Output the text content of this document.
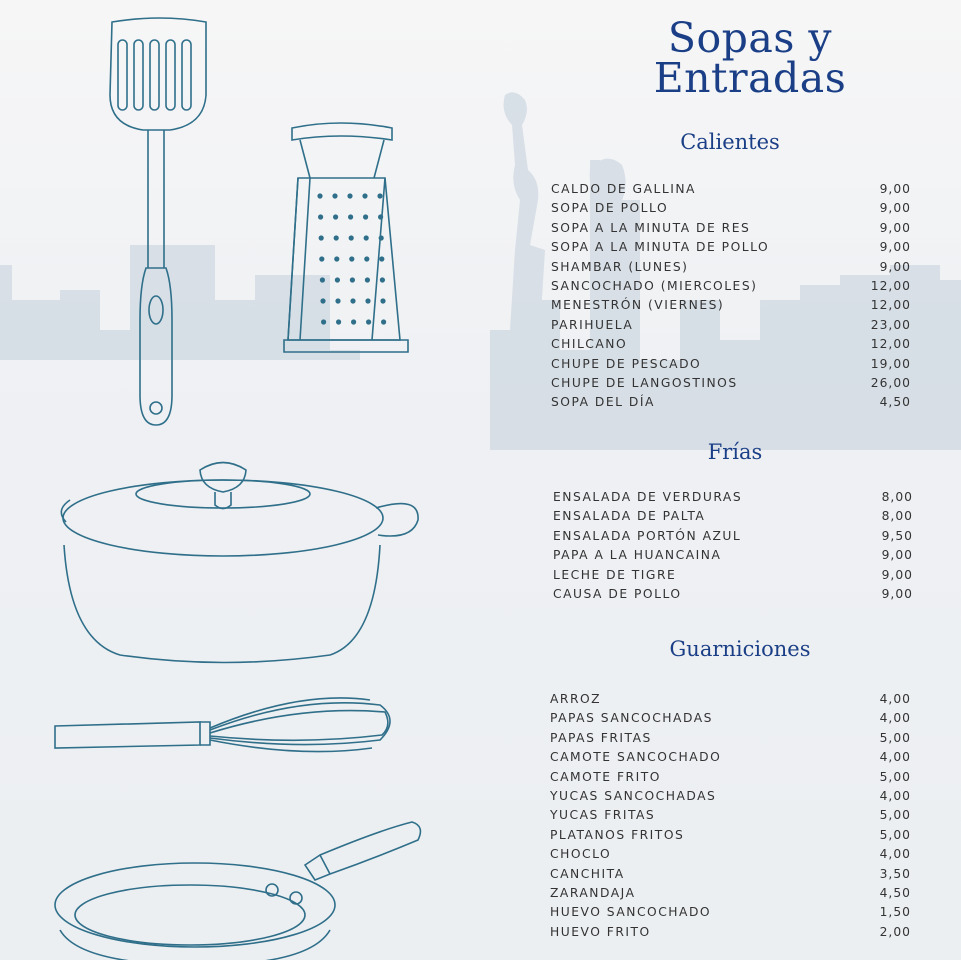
Sopas y
Entradas
Calientes
CALDO DE GALLINA	9,00
SOPA DE POLLO	9,00
SOPA A LA MINUTA DE RES	9,00
SOPA A LA MINUTA DE POLLO	9,00
SHAMBAR (LUNES)	9,00
SANCOCHADO (MIERCOLES)	12,00
MENESTRÓN (VIERNES)	12,00
PARIHUELA	23,00
CHILCANO	12,00
CHUPE DE PESCADO	19,00
CHUPE DE LANGOSTINOS	26,00
SOPA DEL DÍA	4,50
Frías
ENSALADA DE VERDURAS	8,00
ENSALADA DE PALTA	8,00
ENSALADA PORTÓN AZUL	9,50
PAPA A LA HUANCAINA	9,00
LECHE DE TIGRE	9,00
CAUSA DE POLLO	9,00
Guarniciones
ARROZ	4,00
PAPAS SANCOCHADAS	4,00
PAPAS FRITAS	5,00
CAMOTE SANCOCHADO	4,00
CAMOTE FRITO	5,00
YUCAS SANCOCHADAS	4,00
YUCAS FRITAS	5,00
PLATANOS FRITOS	5,00
CHOCLO	4,00
CANCHITA	3,50
ZARANDAJA	4,50
HUEVO SANCOCHADO	1,50
HUEVO FRITO	2,00
